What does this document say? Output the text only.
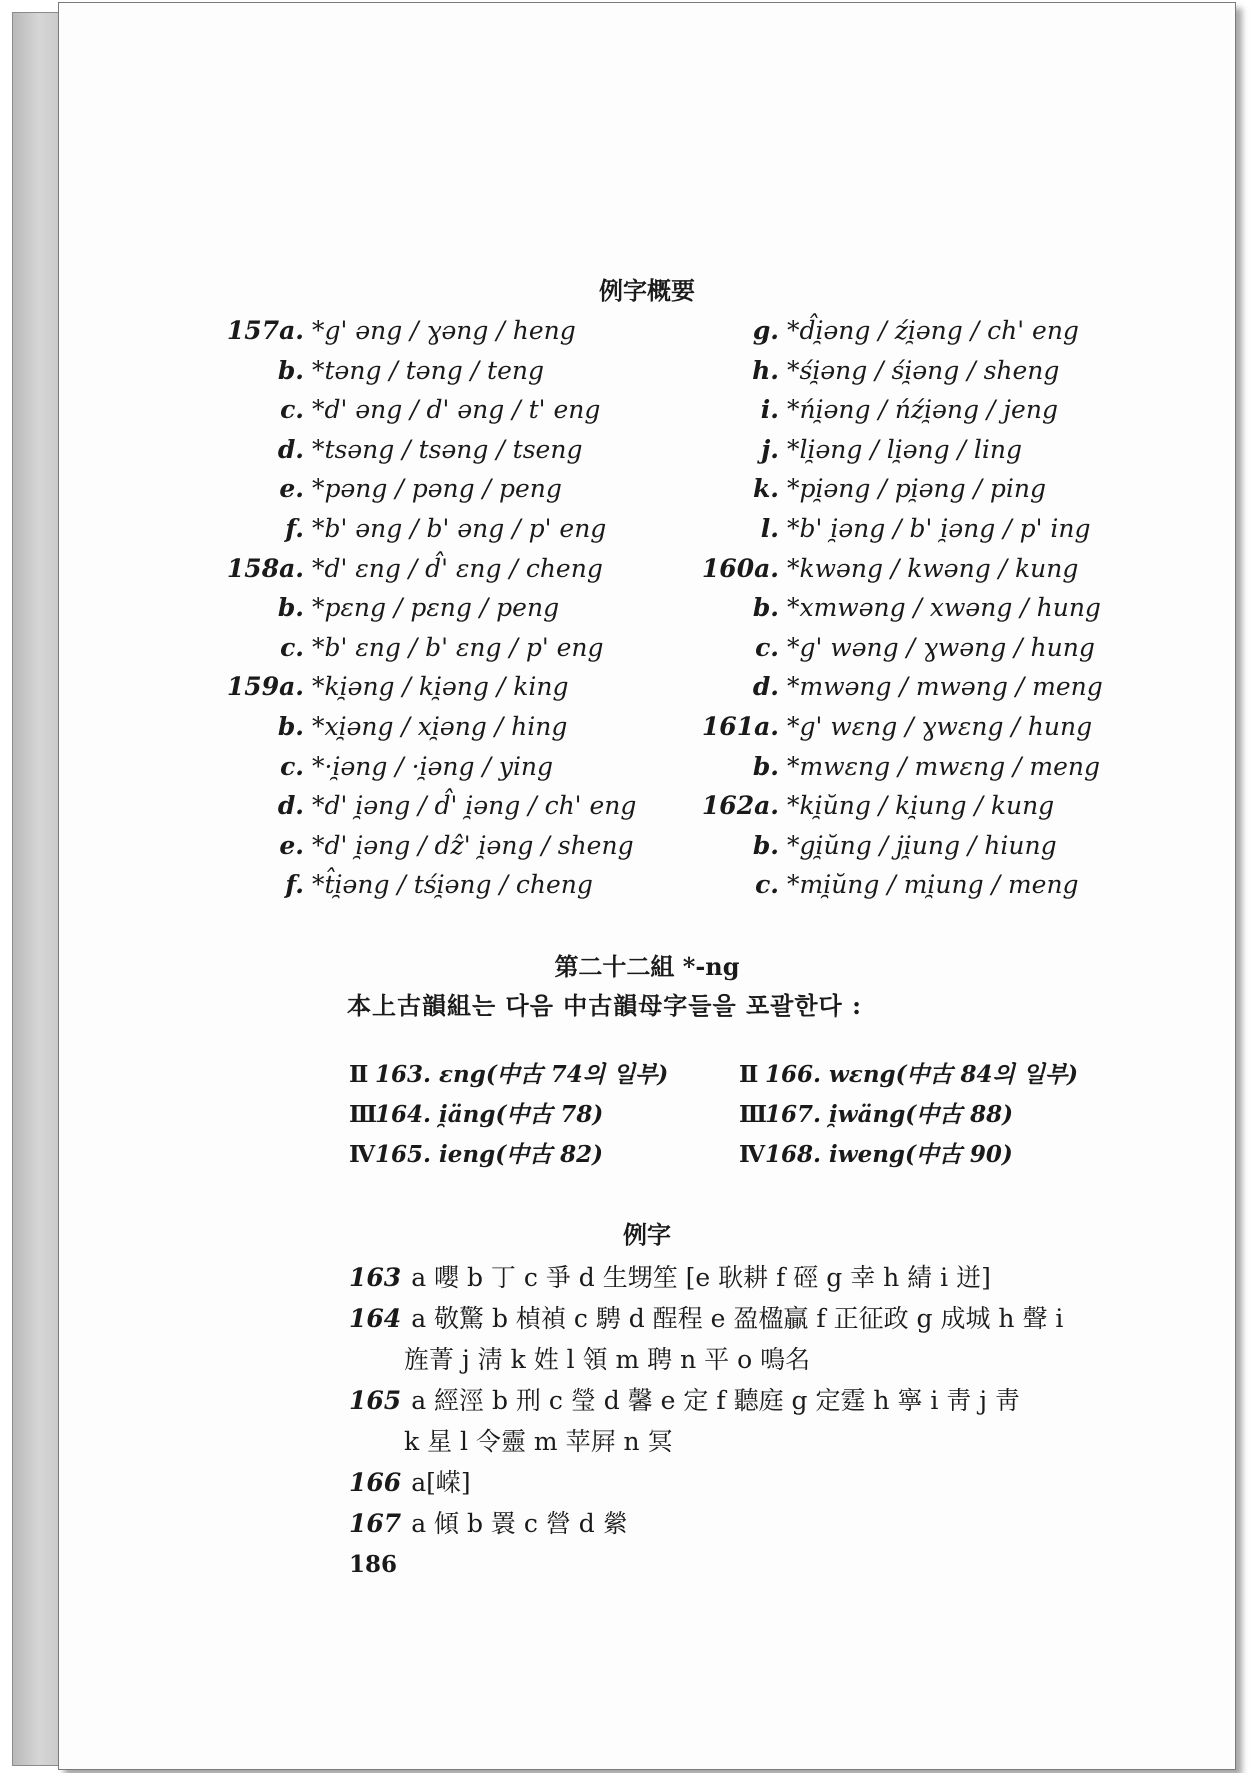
例字概要
157a. *g' əng / ɣəng / heng
b. *təng / təng / teng
c. *d' əng / d' əng / t' eng
d. *tsəng / tsəng / tseng
e. *pəng / pəng / peng
f. *b' əng / b' əng / p' eng
158a. *d' ɛng / d̂' ɛng / cheng
b. *pɛng / pɛng / peng
c. *b' ɛng / b' ɛng / p' eng
159a. *ki̯əng / ki̯əng / king
b. *xi̯əng / xi̯əng / hing
c. *·i̯əng / ·i̯əng / ying
d. *d' i̯əng / d̂' i̯əng / ch' eng
e. *d' i̯əng / dẑ' i̯əng / sheng
f. *t̂i̯əng / tśi̯əng / cheng
g. *d̂i̯əng / źi̯əng / ch' eng
h. *śi̯əng / śi̯əng / sheng
i. *ńi̯əng / ńźi̯əng / jeng
j. *li̯əng / li̯əng / ling
k. *pi̯əng / pi̯əng / ping
l. *b' i̯əng / b' i̯əng / p' ing
160a. *kwəng / kwəng / kung
b. *xmwəng / xwəng / hung
c. *g' wəng / ɣwəng / hung
d. *mwəng / mwəng / meng
161a. *g' wɛng / ɣwɛng / hung
b. *mwɛng / mwɛng / meng
162a. *ki̯ŭng / ki̯ung / kung
b. *gi̯ŭng / ji̯ung / hiung
c. *mi̯ŭng / mi̯ung / meng
第二十二組 *-ng
本上古韻組는 다음 中古韻母字들을 포괄한다 :
Ⅱ 163. ɛng(中古 74의 일부)
Ⅲ164. i̯äng(中古 78)
Ⅳ165. ieng(中古 82)
Ⅱ 166. wɛng(中古 84의 일부)
Ⅲ167. i̯wäng(中古 88)
Ⅳ168. iweng(中古 90)
例字
163 a 嚶 b 丁 c 爭 d 生甥笙 [e 耿耕 f 硜 g 幸 h 綪 i 迸]
164 a 敬驚 b 楨禎 c 騁 d 酲程 e 盈楹贏 f 正征政 g 成城 h 聲 i
旌菁 j 淸 k 姓 l 領 m 聘 n 平 o 鳴名
165 a 經涇 b 刑 c 瑩 d 馨 e 定 f 聽庭 g 定霆 h 寧 i 靑 j 靑
k 星 l 令靈 m 苹屛 n 冥
166 a[嵘]
167 a 傾 b 瞏 c 營 d 縈
186
